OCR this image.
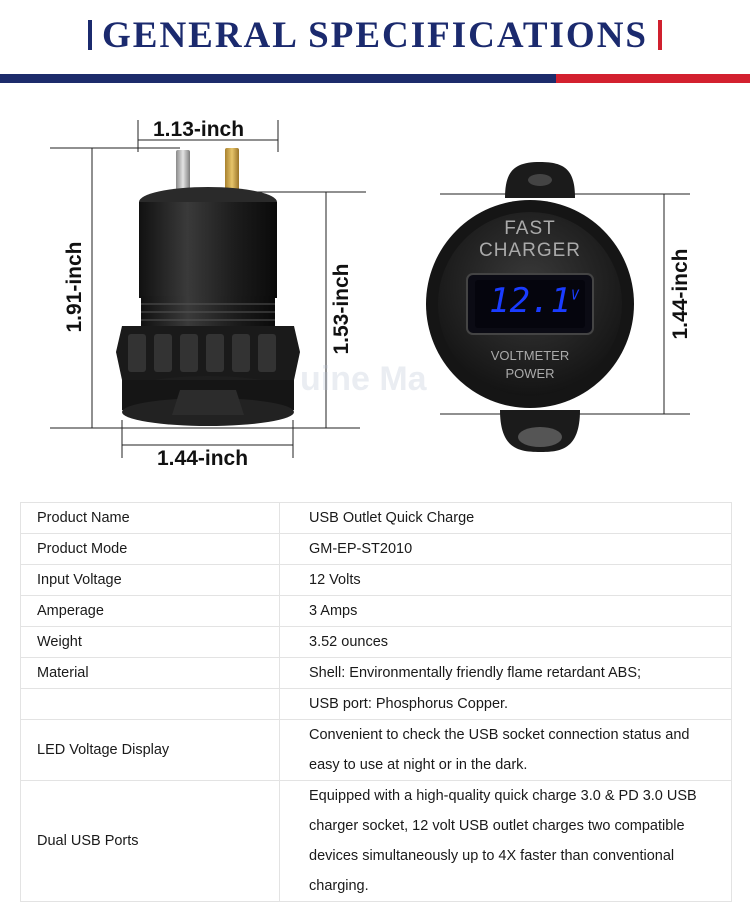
GENERAL SPECIFICATIONS
FAST
CHARGER
$12.1^V$
VOLTMETER
POWER
uine Ma
1.13-inch
1.91-inch	1.53-inch
1.44-inch
1.44-inch
Product Name	USB Outlet Quick Charge

Product Mode	GM-EP-ST2010

Input Voltage	12 Volts

Amperage	3 Amps

Weight	3.52 ounces

Material	Shell: Environmentally friendly flame retardant ABS;

	USB port: Phosphorus Copper.

LED Voltage Display	Convenient to check the USB socket connection status and
easy to use at night or in the dark.

Dual USB Ports	Equipped with a high-quality quick charge 3.0 & PD 3.0 USB
charger socket, 12 volt USB outlet charges two compatible
devices simultaneously up to 4X faster than conventional
charging.
